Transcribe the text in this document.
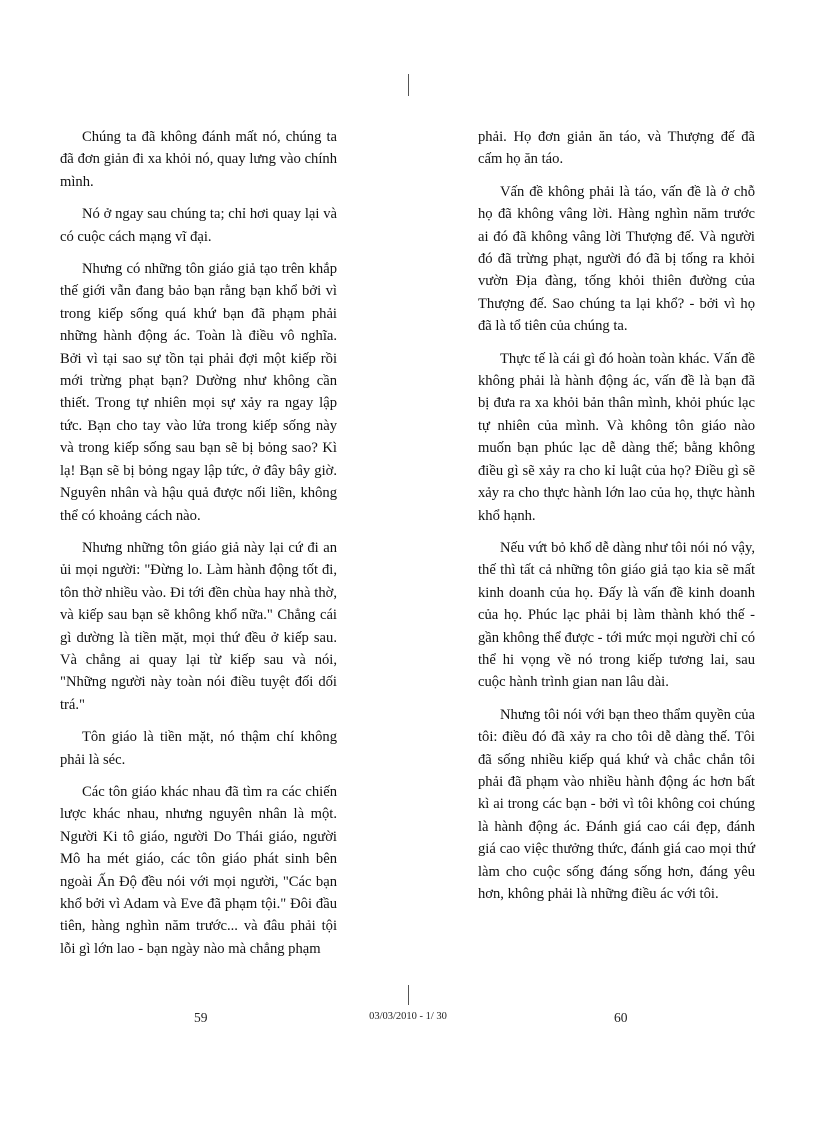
Chúng ta đã không đánh mất nó, chúng ta đã đơn giản đi xa khỏi nó, quay lưng vào chính mình.

Nó ở ngay sau chúng ta; chỉ hơi quay lại và có cuộc cách mạng vĩ đại.

Nhưng có những tôn giáo giả tạo trên khắp thế giới vẫn đang bảo bạn rằng bạn khổ bởi vì trong kiếp sống quá khứ bạn đã phạm phải những hành động ác. Toàn là điều vô nghĩa. Bởi vì tại sao sự tồn tại phải đợi một kiếp rồi mới trừng phạt bạn? Dường như không cần thiết. Trong tự nhiên mọi sự xảy ra ngay lập tức. Bạn cho tay vào lửa trong kiếp sống này và trong kiếp sống sau bạn sẽ bị bỏng sao? Kì lạ! Bạn sẽ bị bỏng ngay lập tức, ở đây bây giờ. Nguyên nhân và hậu quả được nối liền, không thể có khoảng cách nào.

Nhưng những tôn giáo giả này lại cứ đi an ủi mọi người: "Đừng lo. Làm hành động tốt đi, tôn thờ nhiều vào. Đi tới đền chùa hay nhà thờ, và kiếp sau bạn sẽ không khổ nữa." Chẳng cái gì dường là tiền mặt, mọi thứ đều ở kiếp sau. Và chẳng ai quay lại từ kiếp sau và nói, "Những người này toàn nói điều tuyệt đối dối trá."

Tôn giáo là tiền mặt, nó thậm chí không phải là séc.

Các tôn giáo khác nhau đã tìm ra các chiến lược khác nhau, nhưng nguyên nhân là một. Người Ki tô giáo, người Do Thái giáo, người Mô ha mét giáo, các tôn giáo phát sinh bên ngoài Ấn Độ đều nói với mọi người, "Các bạn khổ bởi vì Adam và Eve đã phạm tội." Đôi đầu tiên, hàng nghìn năm trước... và đâu phải tội lỗi gì lớn lao - bạn ngày nào mà chẳng phạm

phải. Họ đơn giản ăn táo, và Thượng đế đã cấm họ ăn táo.

Vấn đề không phải là táo, vấn đề là ở chỗ họ đã không vâng lời. Hàng nghìn năm trước ai đó đã không vâng lời Thượng đế. Và người đó đã trừng phạt, người đó đã bị tống ra khỏi vườn Địa đàng, tống khỏi thiên đường của Thượng đế. Sao chúng ta lại khổ? - bởi vì họ đã là tổ tiên của chúng ta.

Thực tế là cái gì đó hoàn toàn khác. Vấn đề không phải là hành động ác, vấn đề là bạn đã bị đưa ra xa khỏi bản thân mình, khỏi phúc lạc tự nhiên của mình. Và không tôn giáo nào muốn bạn phúc lạc dễ dàng thế; bằng không điều gì sẽ xảy ra cho kỉ luật của họ? Điều gì sẽ xảy ra cho thực hành lớn lao của họ, thực hành khổ hạnh.

Nếu vứt bỏ khổ dễ dàng như tôi nói nó vậy, thế thì tất cả những tôn giáo giả tạo kia sẽ mất kinh doanh của họ. Đấy là vấn đề kinh doanh của họ. Phúc lạc phải bị làm thành khó thế - gần không thể được - tới mức mọi người chỉ có thể hi vọng về nó trong kiếp tương lai, sau cuộc hành trình gian nan lâu dài.

Nhưng tôi nói với bạn theo thẩm quyền của tôi: điều đó đã xảy ra cho tôi dễ dàng thế. Tôi đã sống nhiều kiếp quá khứ và chắc chắn tôi phải đã phạm vào nhiều hành động ác hơn bất kì ai trong các bạn - bởi vì tôi không coi chúng là hành động ác. Đánh giá cao cái đẹp, đánh giá cao việc thưởng thức, đánh giá cao mọi thứ làm cho cuộc sống đáng sống hơn, đáng yêu hơn, không phải là những điều ác với tôi.

59	03/03/2010 - 1/ 30	60
